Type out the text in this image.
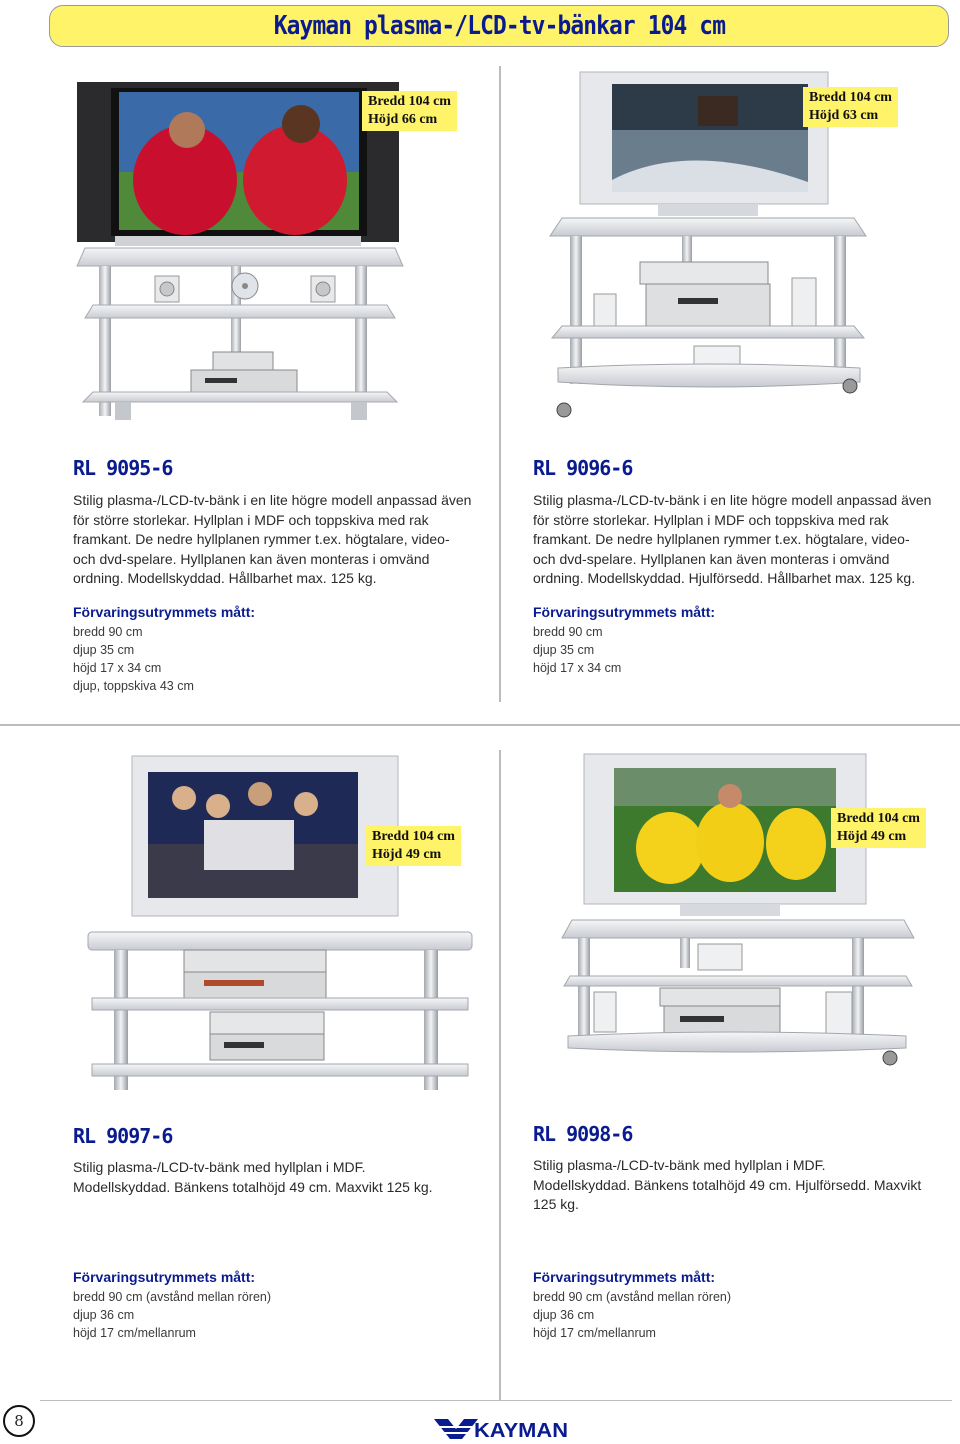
Kayman plasma-/LCD-tv-bänkar 104 cm
Bredd 104 cm
Höjd 66 cm
Bredd 104 cm
Höjd 63 cm
Bredd 104 cm
Höjd 49 cm
Bredd 104 cm
Höjd 49 cm
RL 9095-6

Stilig plasma-/LCD-tv-bänk i en lite högre modell anpassad även för större storlekar. Hyllplan i MDF och toppskiva med rak framkant. De nedre hyllplanen rymmer t.ex. högtalare, video- och dvd-spelare. Hyllplanen kan även monteras i omvänd ordning. Modellskyddad. Hållbarhet max. 125 kg.

Förvaringsutrymmets mått:

bredd 90 cm
djup 35 cm
höjd 17 x 34 cm
djup, toppskiva 43 cm
RL 9096-6

Stilig plasma-/LCD-tv-bänk i en lite högre modell anpassad även för större storlekar. Hyllplan i MDF och toppskiva med rak framkant. De nedre hyllplanen rymmer t.ex. högtalare, video- och dvd-spelare. Hyllplanen kan även monteras i omvänd ordning. Modellskyddad. Hjulförsedd. Hållbarhet max. 125 kg.

Förvaringsutrymmets mått:

bredd 90 cm
djup 35 cm
höjd 17 x 34 cm
RL 9097-6

Stilig plasma-/LCD-tv-bänk med hyllplan i MDF. Modellskyddad. Bänkens totalhöjd 49 cm. Maxvikt 125 kg.

Förvaringsutrymmets mått:

bredd 90 cm (avstånd mellan rören)
djup 36 cm
höjd 17 cm/mellanrum
RL 9098-6

Stilig plasma-/LCD-tv-bänk med hyllplan i MDF. Modellskyddad. Bänkens totalhöjd 49 cm. Hjulförsedd. Maxvikt 125 kg.

Förvaringsutrymmets mått:

bredd 90 cm (avstånd mellan rören)
djup 36 cm
höjd 17 cm/mellanrum
8	KAYMAN
